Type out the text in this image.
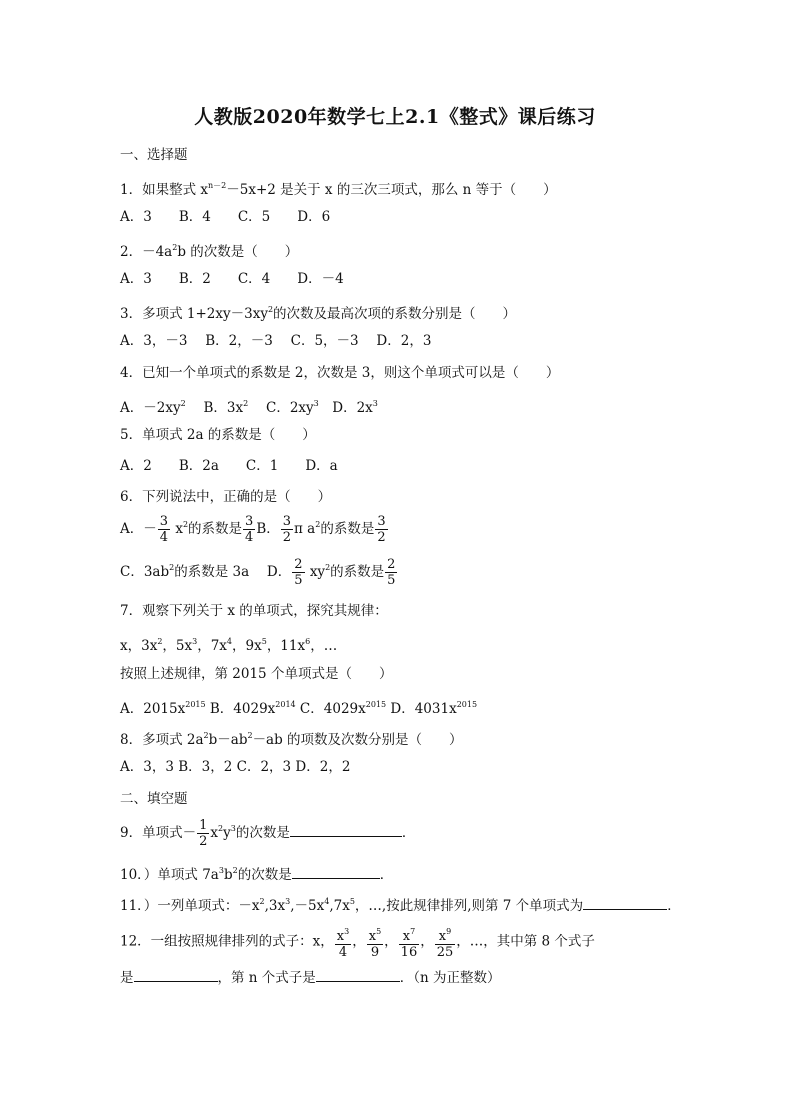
人教版2020年数学七上2.1《整式》课后练习
一、选择题
1．如果整式 $x^{n-2}-5x+2$ 是关于 x 的三次三项式，那么 n 等于（　　）
A．3　　B．4　　C．5　　D．6
2．$-4a^2b$ 的次数是（　　）
A．3　　B．2　　C．4　　D．－4
3．多项式 $1+2xy-3xy^2$的次数及最高次项的系数分别是（　　）
A．3，－3　 B．2，－3　 C．5，－3　 D．2，3
4．已知一个单项式的系数是 2，次数是 3，则这个单项式可以是（　　）
A．$-2xy^2$　 B．$3x^2$　 C．$2xy^3$　D．$2x^3$
5．单项式 2a 的系数是（　　）
A．2　　B．2a　　C．1　　D．a
6．下列说法中，正确的是（　　）
A．－ $\frac{3}{4} x^2$的系数是 $\frac{3}{4}$ B． $\frac{3}{2}$ π $a^2$的系数是 $\frac{3}{2}$
C．$3ab^2$的系数是 3a　 D． $\frac{2}{5} xy^2$的系数是 $\frac{2}{5}$
7．观察下列关于 x 的单项式，探究其规律：
x，$3x^2$，$5x^3$，$7x^4$，$9x^5$，$11x^6$，…
按照上述规律，第 2015 个单项式是（　　）
A．$2015x^{2015}$ B．$4029x^{2014}$ C．$4029x^{2015}$ D．$4031x^{2015}$
8．多项式 $2a^2b-ab^2-ab$ 的项数及次数分别是（　　）
A．3，3 B．3，2 C．2，3 D．2，2
二、填空题
9．单项式－ $\frac{1}{2} x^2y^3$的次数是	．
10．）单项式 $7a^3b^2$的次数是	．
11．）一列单项式：$-x^2,3x^3,-5x^4,7x^5$，…,按此规律排列,则第 7 个单项式为	．
12．一组按照规律排列的式子：x， $\frac{x^3}{4}$ ， $\frac{x^5}{9}$ ， $\frac{x^7}{16}$ ， $\frac{x^9}{25}$ ，…，其中第 8 个式子
是	，第 n 个式子是	．（n 为正整数）
